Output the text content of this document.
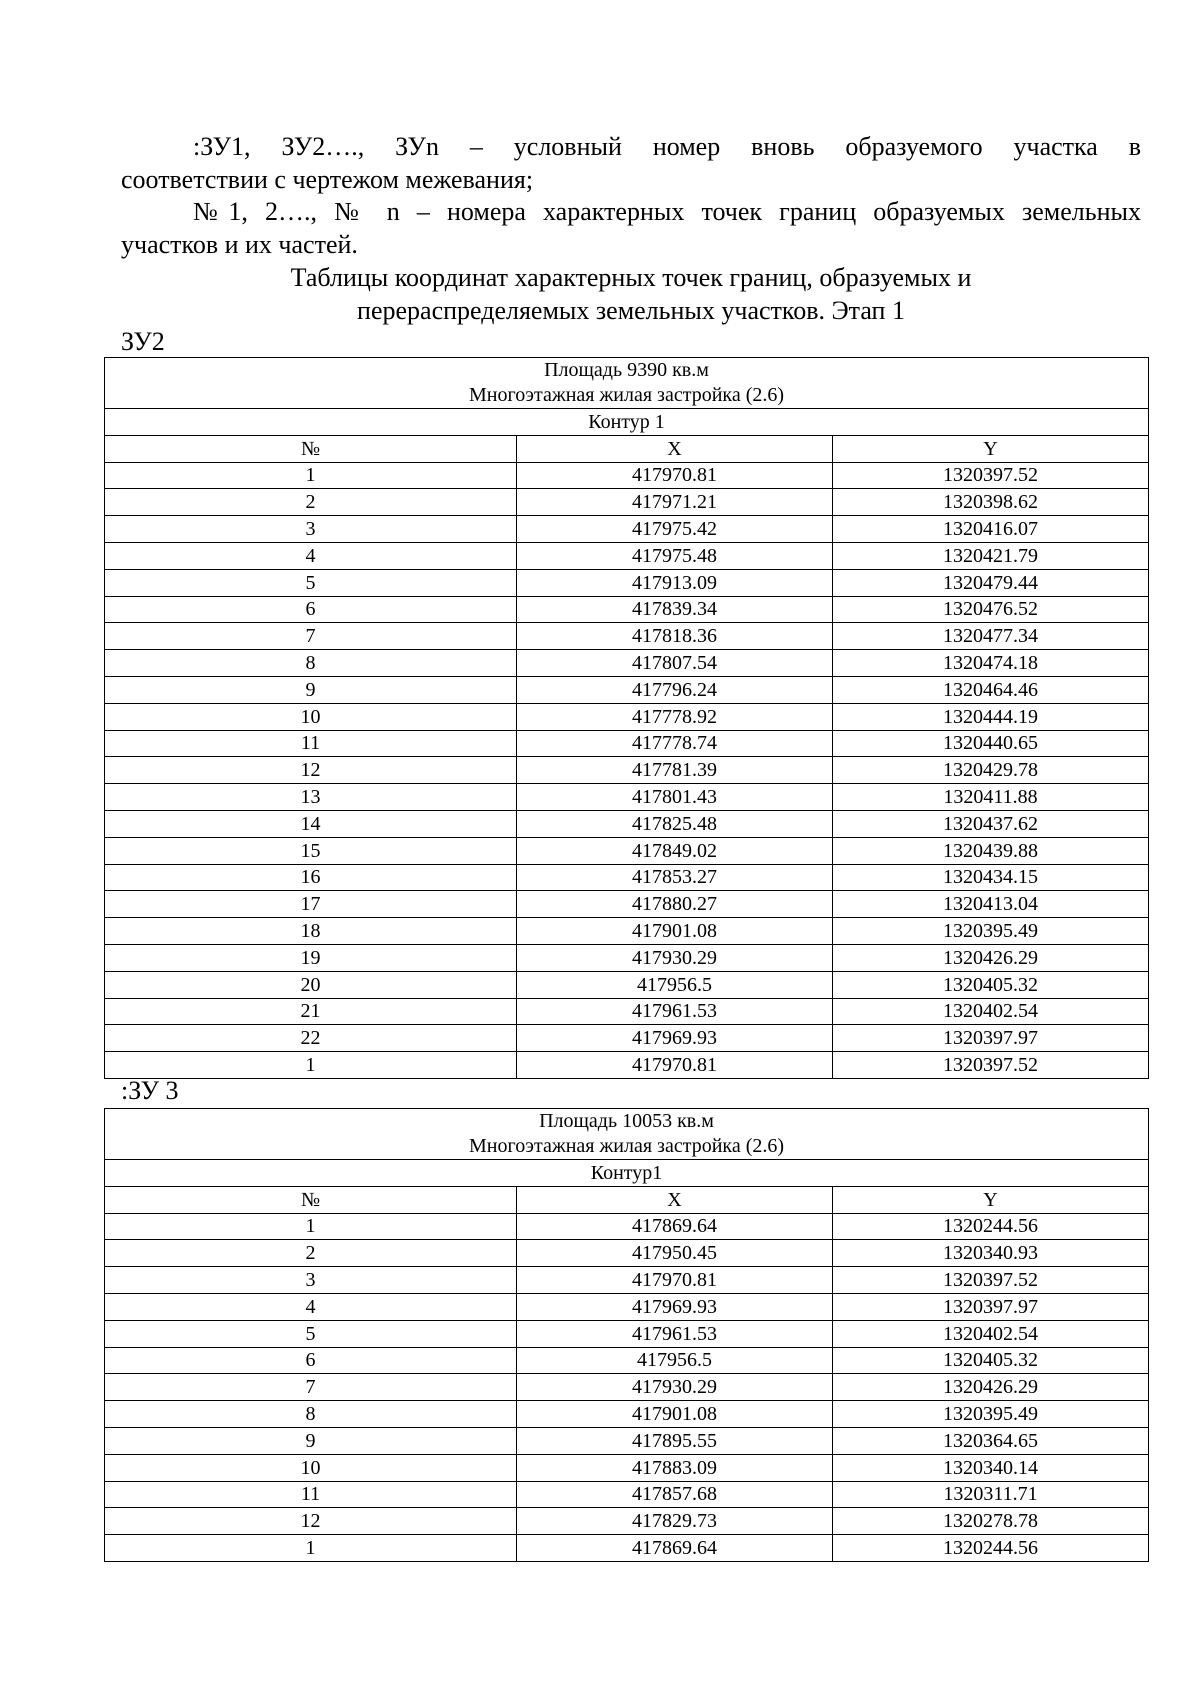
:ЗУ1, ЗУ2…., ЗУn – условный номер вновь образуемого участка в

соответствии с чертежом межевания;

№1, 2…., № n – номера характерных точек границ образуемых земельных

участков и их частей.

Таблицы координат характерных точек границ, образуемых и

перераспределяемых земельных участков. Этап 1

ЗУ2

Площадь 9390 кв.м
Многоэтажная жилая застройка (2.6)		

Контур 1		
№	X	Y
1	417970.81	1320397.52
2	417971.21	1320398.62
3	417975.42	1320416.07
4	417975.48	1320421.79
5	417913.09	1320479.44
6	417839.34	1320476.52
7	417818.36	1320477.34
8	417807.54	1320474.18
9	417796.24	1320464.46
10	417778.92	1320444.19
11	417778.74	1320440.65
12	417781.39	1320429.78
13	417801.43	1320411.88
14	417825.48	1320437.62
15	417849.02	1320439.88
16	417853.27	1320434.15
17	417880.27	1320413.04
18	417901.08	1320395.49
19	417930.29	1320426.29
20	417956.5	1320405.32
21	417961.53	1320402.54
22	417969.93	1320397.97
1	417970.81	1320397.52

:ЗУ 3

Площадь 10053 кв.м
Многоэтажная жилая застройка (2.6)		

Контур1		
№	X	Y
1	417869.64	1320244.56
2	417950.45	1320340.93
3	417970.81	1320397.52
4	417969.93	1320397.97
5	417961.53	1320402.54
6	417956.5	1320405.32
7	417930.29	1320426.29
8	417901.08	1320395.49
9	417895.55	1320364.65
10	417883.09	1320340.14
11	417857.68	1320311.71
12	417829.73	1320278.78
1	417869.64	1320244.56
